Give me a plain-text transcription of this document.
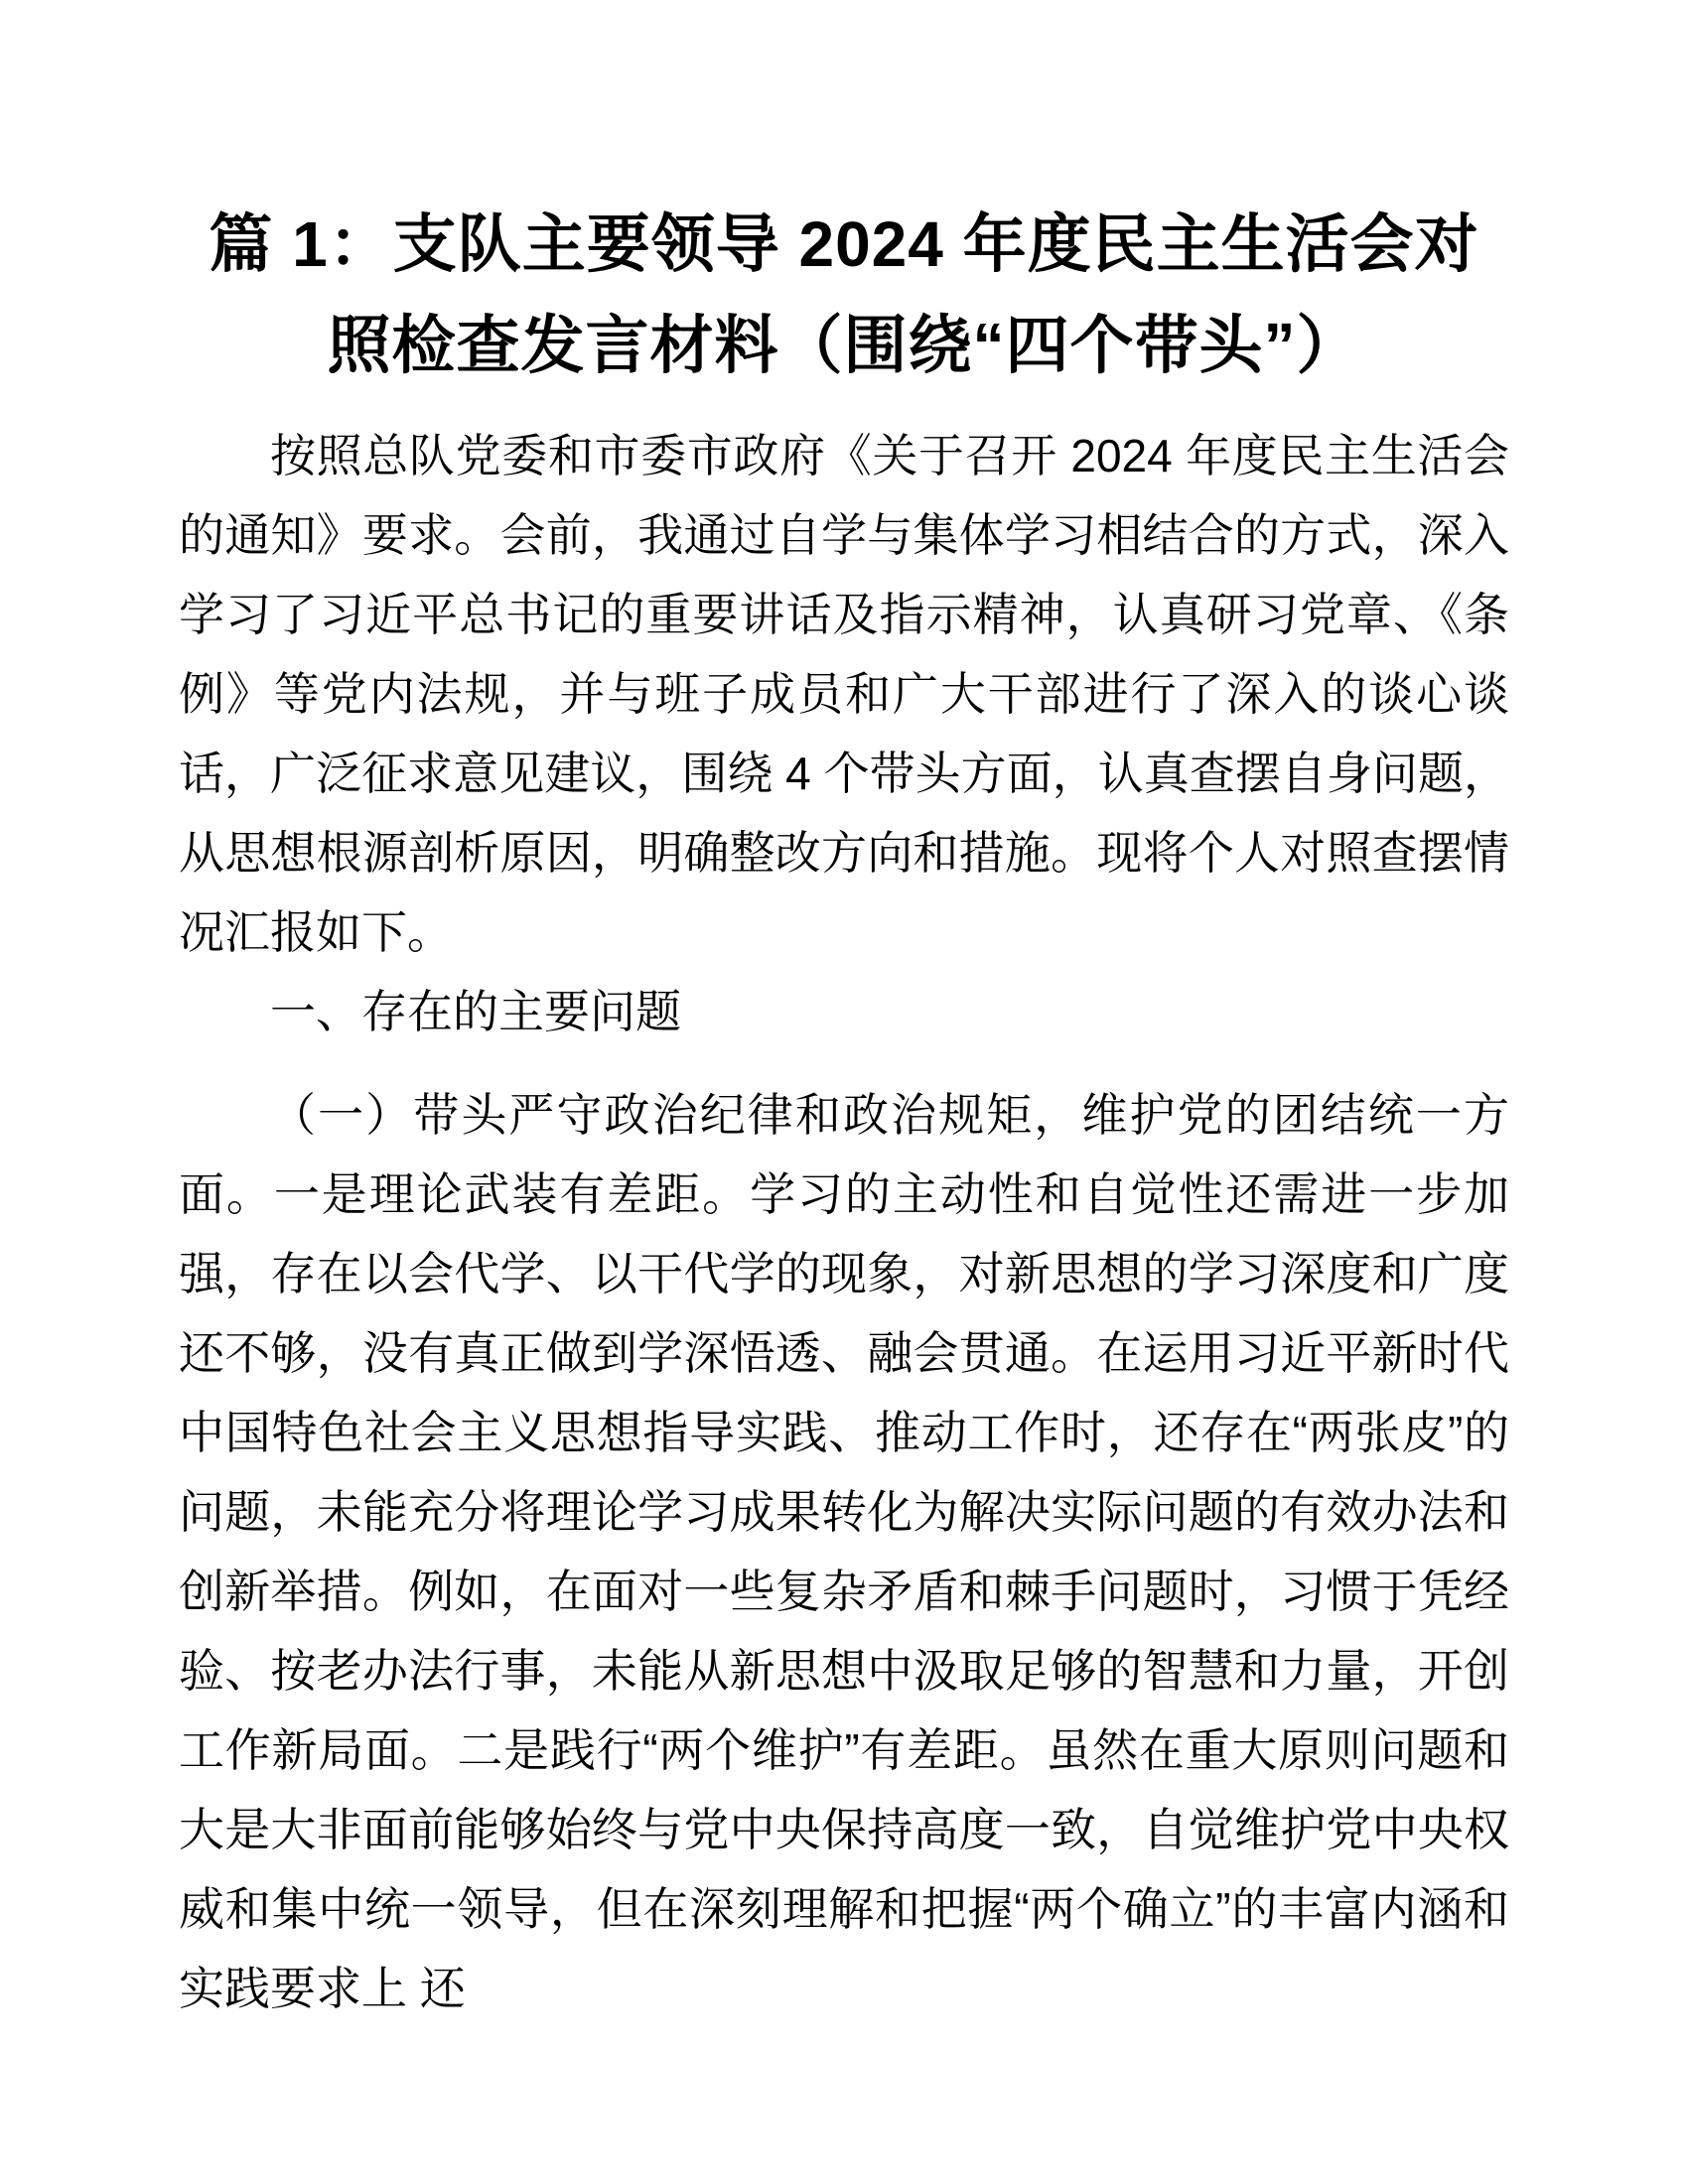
篇 1：支队主要领导 2024 年度民主生活会对照检查发言材料（围绕“四个带头”）

按照总队党委和市委市政府《关于召开 2024 年度民主生活会的通知》要求。会前，我通过自学与集体学习相结合的方式，深入学习了习近平总书记的重要讲话及指示精神，认真研习党章、《条例》等党内法规，并与班子成员和广大干部进行了深入的谈心谈话，广泛征求意见建议，围绕 4 个带头方面，认真查摆自身问题，从思想根源剖析原因，明确整改方向和措施。现将个人对照查摆情况汇报如下。

一、存在的主要问题

（一）带头严守政治纪律和政治规矩，维护党的团结统一方面。一是理论武装有差距。学习的主动性和自觉性还需进一步加强，存在以会代学、以干代学的现象，对新思想的学习深度和广度还不够，没有真正做到学深悟透、融会贯通。在运用习近平新时代中国特色社会主义思想指导实践、推动工作时，还存在“两张皮”的问题，未能充分将理论学习成果转化为解决实际问题的有效办法和创新举措。例如，在面对一些复杂矛盾和棘手问题时，习惯于凭经验、按老办法行事，未能从新思想中汲取足够的智慧和力量，开创工作新局面。二是践行“两个维护”有差距。虽然在重大原则问题和大是大非面前能够始终与党中央保持高度一致，自觉维护党中央权威和集中统一领导，但在深刻理解和把握“两个确立”的丰富内涵和 实践要求上 还
